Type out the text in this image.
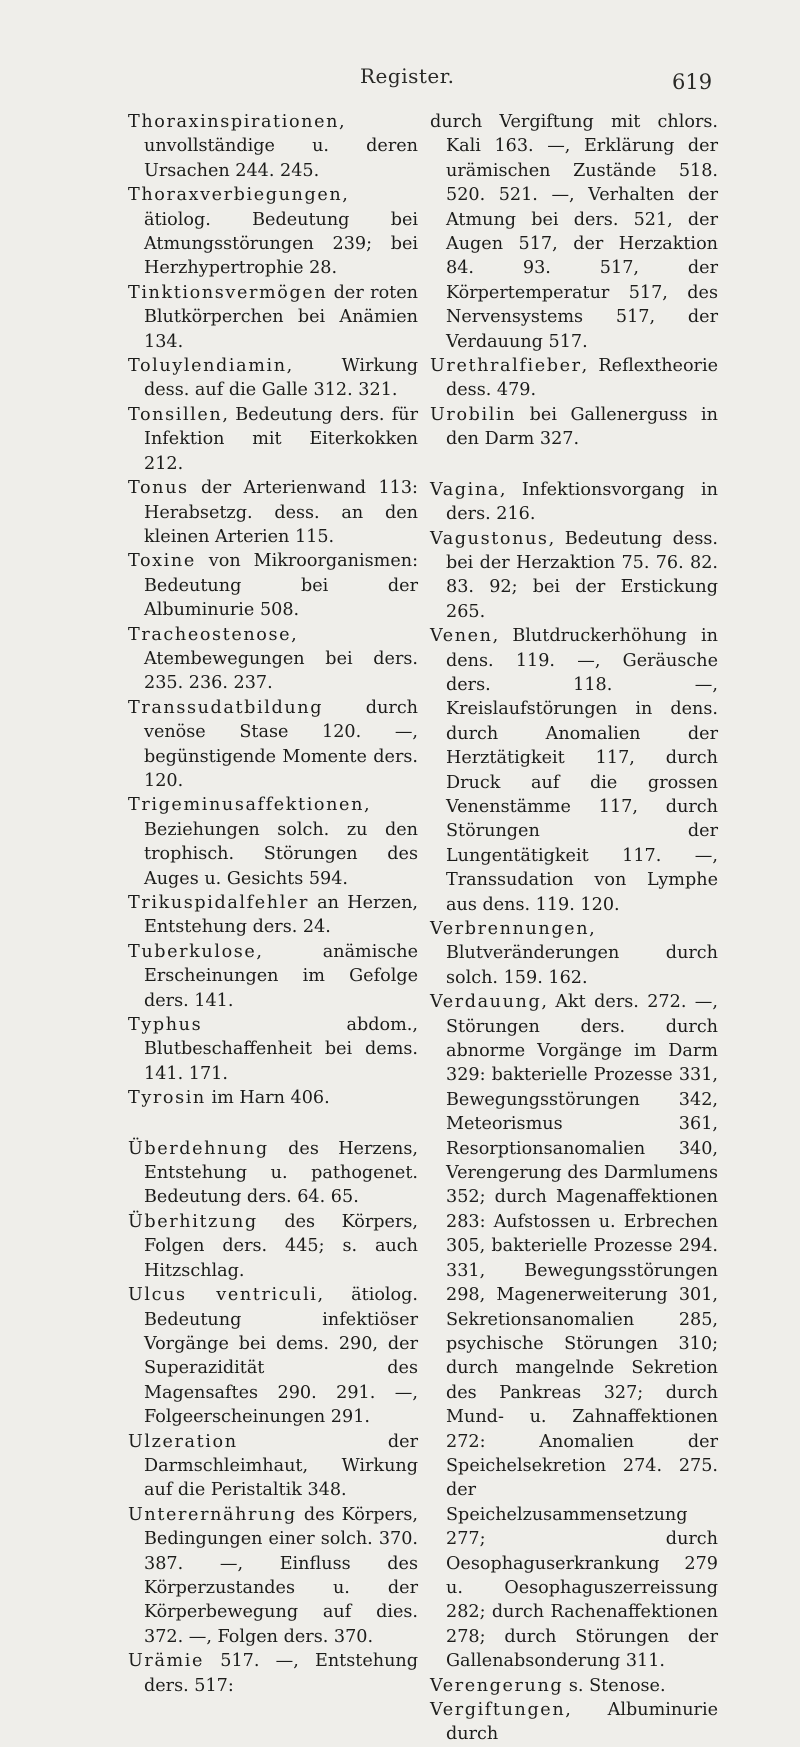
Register.	619

Thoraxinspirationen, unvollständige u. deren Ursachen 244. 245.

Thoraxverbiegungen, ätiolog. Bedeutung bei Atmungsstörungen 239; bei Herzhypertrophie 28.

Tinktionsvermögen der roten Blutkörperchen bei Anämien 134.

Toluylendiamin, Wirkung dess. auf die Galle 312. 321.

Tonsillen, Bedeutung ders. für Infektion mit Eiterkokken 212.

Tonus der Arterienwand 113: Herabsetzg. dess. an den kleinen Arterien 115.

Toxine von Mikroorganismen: Bedeutung bei der Albuminurie 508.

Tracheostenose, Atembewegungen bei ders. 235. 236. 237.

Transsudatbildung durch venöse Stase 120. —, begünstigende Momente ders. 120.

Trigeminusaffektionen, Beziehungen solch. zu den trophisch. Störungen des Auges u. Gesichts 594.

Trikuspidalfehler an Herzen, Entstehung ders. 24.

Tuberkulose, anämische Erscheinungen im Gefolge ders. 141.

Typhus abdom., Blutbeschaffenheit bei dems. 141. 171.

Tyrosin im Harn 406.

Überdehnung des Herzens, Entstehung u. pathogenet. Bedeutung ders. 64. 65.

Überhitzung des Körpers, Folgen ders. 445; s. auch Hitzschlag.

Ulcus ventriculi, ätiolog. Bedeutung infektiöser Vorgänge bei dems. 290, der Superazidität des Magensaftes 290. 291. —, Folgeerscheinungen 291.

Ulzeration der Darmschleimhaut, Wirkung auf die Peristaltik 348.

Unterernährung des Körpers, Bedingungen einer solch. 370. 387. —, Einfluss des Körperzustandes u. der Körperbewegung auf dies. 372. —, Folgen ders. 370.

Urämie 517. —, Entstehung ders. 517:

durch Vergiftung mit chlors. Kali 163. —, Erklärung der urämischen Zustände 518. 520. 521. —, Verhalten der Atmung bei ders. 521, der Augen 517, der Herzaktion 84. 93. 517, der Körpertemperatur 517, des Nervensystems 517, der Verdauung 517.

Urethralfieber, Reflextheorie dess. 479.

Urobilin bei Gallenerguss in den Darm 327.

Vagina, Infektionsvorgang in ders. 216.

Vagustonus, Bedeutung dess. bei der Herzaktion 75. 76. 82. 83. 92; bei der Erstickung 265.

Venen, Blutdruckerhöhung in dens. 119. —, Geräusche ders. 118. —, Kreislaufstörungen in dens. durch Anomalien der Herztätigkeit 117, durch Druck auf die grossen Venenstämme 117, durch Störungen der Lungentätigkeit 117. —, Transsudation von Lymphe aus dens. 119. 120.

Verbrennungen, Blutveränderungen durch solch. 159. 162.

Verdauung, Akt ders. 272. —, Störungen ders. durch abnorme Vorgänge im Darm 329: bakterielle Prozesse 331, Bewegungsstörungen 342, Meteorismus 361, Resorptionsanomalien 340, Verengerung des Darmlumens 352; durch Magenaffektionen 283: Aufstossen u. Erbrechen 305, bakterielle Prozesse 294. 331, Bewegungsstörungen 298, Magenerweiterung 301, Sekretionsanomalien 285, psychische Störungen 310; durch mangelnde Sekretion des Pankreas 327; durch Mund- u. Zahnaffektionen 272: Anomalien der Speichelsekretion 274. 275. der Speichelzusammensetzung 277; durch Oesophaguserkrankung 279 u. Oesophaguszerreissung 282; durch Rachenaffektionen 278; durch Störungen der Gallenabsonderung 311.

Verengerung s. Stenose.

Vergiftungen, Albuminurie durch
